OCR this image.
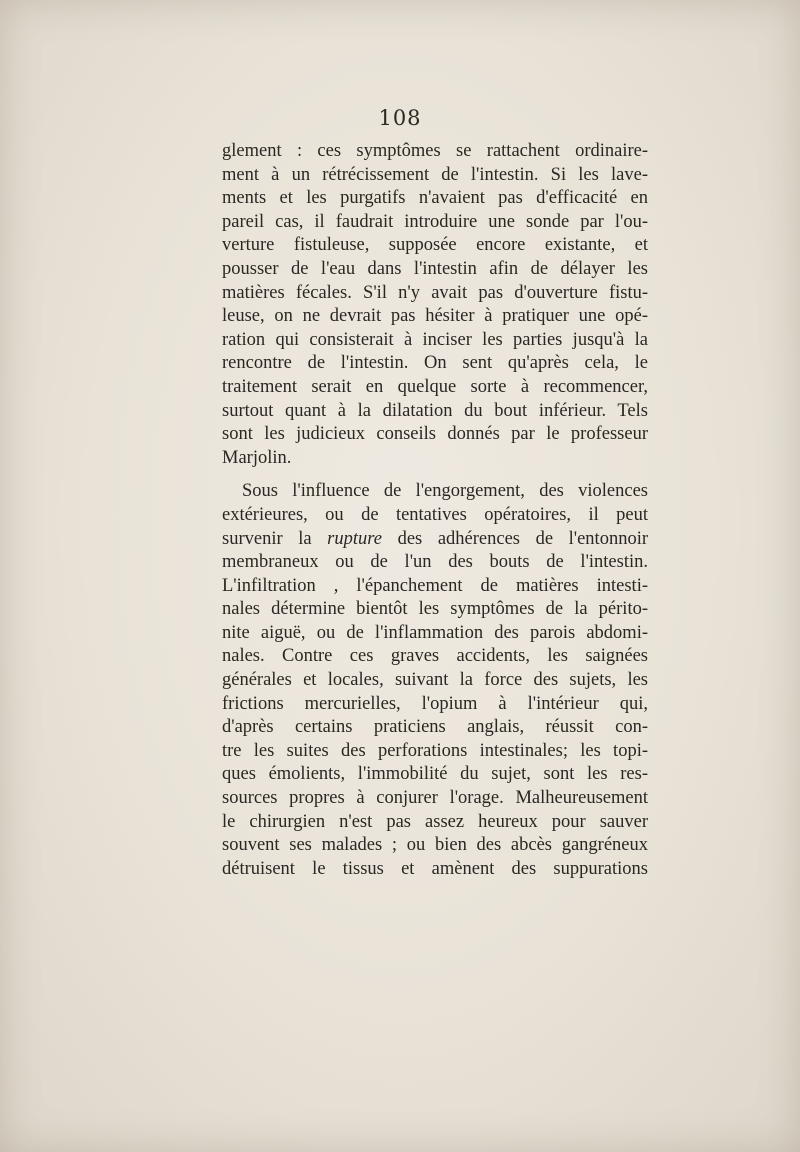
108
glement : ces symptômes se rattachent ordinaire-
ment à un rétrécissement de l'intestin. Si les lave-
ments et les purgatifs n'avaient pas d'efficacité en
pareil cas, il faudrait introduire une sonde par l'ou-
verture fistuleuse, supposée encore existante, et
pousser de l'eau dans l'intestin afin de délayer les
matières fécales. S'il n'y avait pas d'ouverture fistu-
leuse, on ne devrait pas hésiter à pratiquer une opé-
ration qui consisterait à inciser les parties jusqu'à la
rencontre de l'intestin. On sent qu'après cela, le
traitement serait en quelque sorte à recommencer,
surtout quant à la dilatation du bout inférieur. Tels
sont les judicieux conseils donnés par le professeur
Marjolin.
Sous l'influence de l'engorgement, des violences
extérieures, ou de tentatives opératoires, il peut
survenir la rupture des adhérences de l'entonnoir
membraneux ou de l'un des bouts de l'intestin.
L'infiltration , l'épanchement de matières intesti-
nales détermine bientôt les symptômes de la périto-
nite aiguë, ou de l'inflammation des parois abdomi-
nales. Contre ces graves accidents, les saignées
générales et locales, suivant la force des sujets, les
frictions mercurielles, l'opium à l'intérieur qui,
d'après certains praticiens anglais, réussit con-
tre les suites des perforations intestinales; les topi-
ques émolients, l'immobilité du sujet, sont les res-
sources propres à conjurer l'orage. Malheureusement
le chirurgien n'est pas assez heureux pour sauver
souvent ses malades ; ou bien des abcès gangréneux
détruisent le tissus et amènent des suppurations
